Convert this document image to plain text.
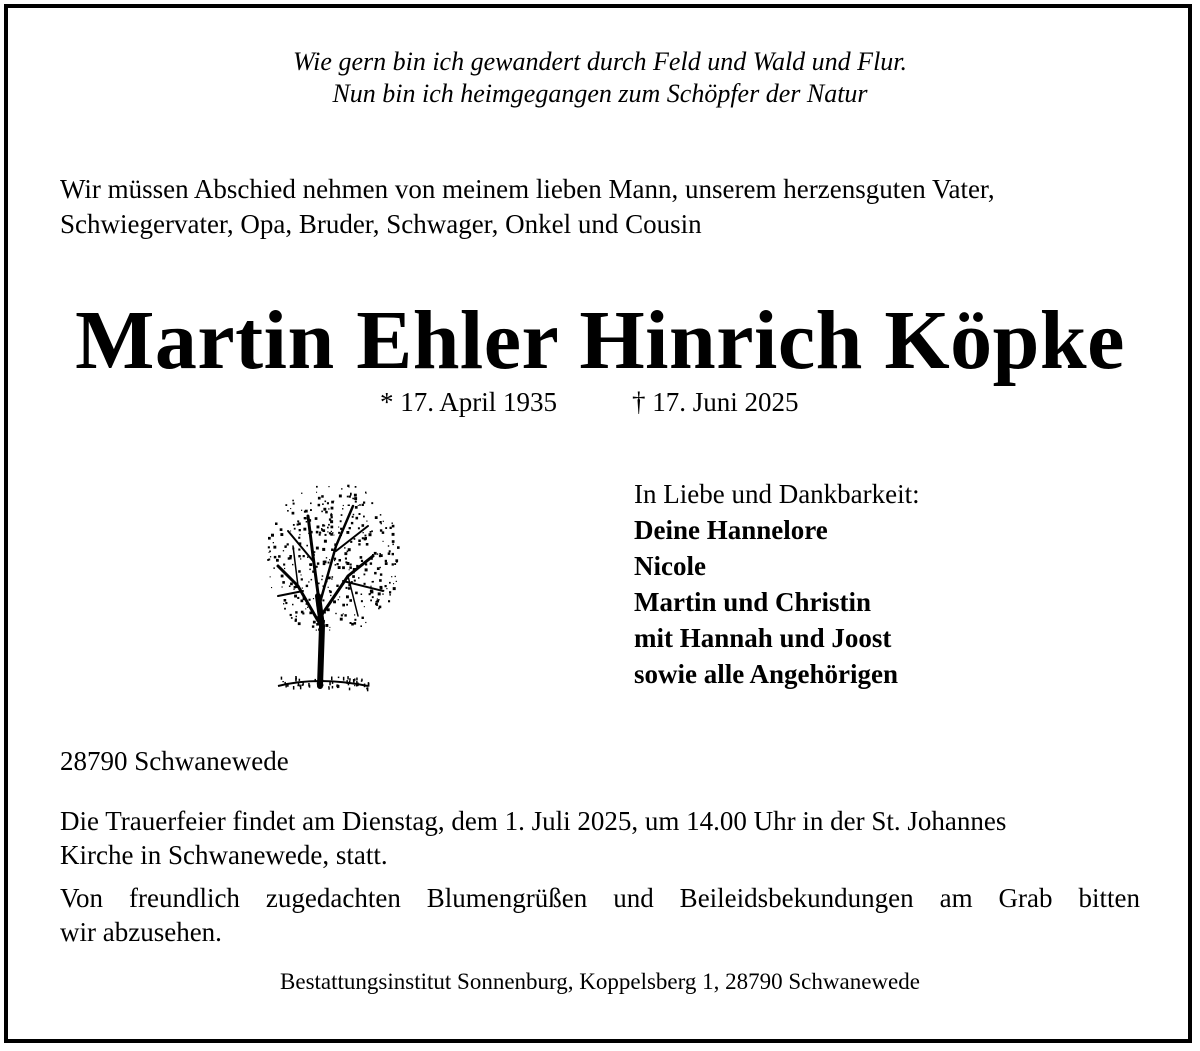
Wie gern bin ich gewandert durch Feld und Wald und Flur.

Nun bin ich heimgegangen zum Schöpfer der Natur

Wir müssen Abschied nehmen von meinem lieben Mann, unserem herzensguten Vater,
Schwiegervater, Opa, Bruder, Schwager, Onkel und Cousin
Martin Ehler Hinrich Köpke
* 17. April 1935	† 17. Juni 2025
In Liebe und Dankbarkeit:
Deine Hannelore
Nicole
Martin und Christin
mit Hannah und Joost
sowie alle Angehörigen

28790 Schwanewede

Die Trauerfeier findet am Dienstag, dem 1. Juli 2025, um 14.00 Uhr in der St. Johannes
Kirche in Schwanewede, statt.
Von freundlich zugedachten Blumengrüßen und Beileidsbekundungen am Grab bitten
wir abzusehen.

Bestattungsinstitut Sonnenburg, Koppelsberg 1, 28790 Schwanewede
